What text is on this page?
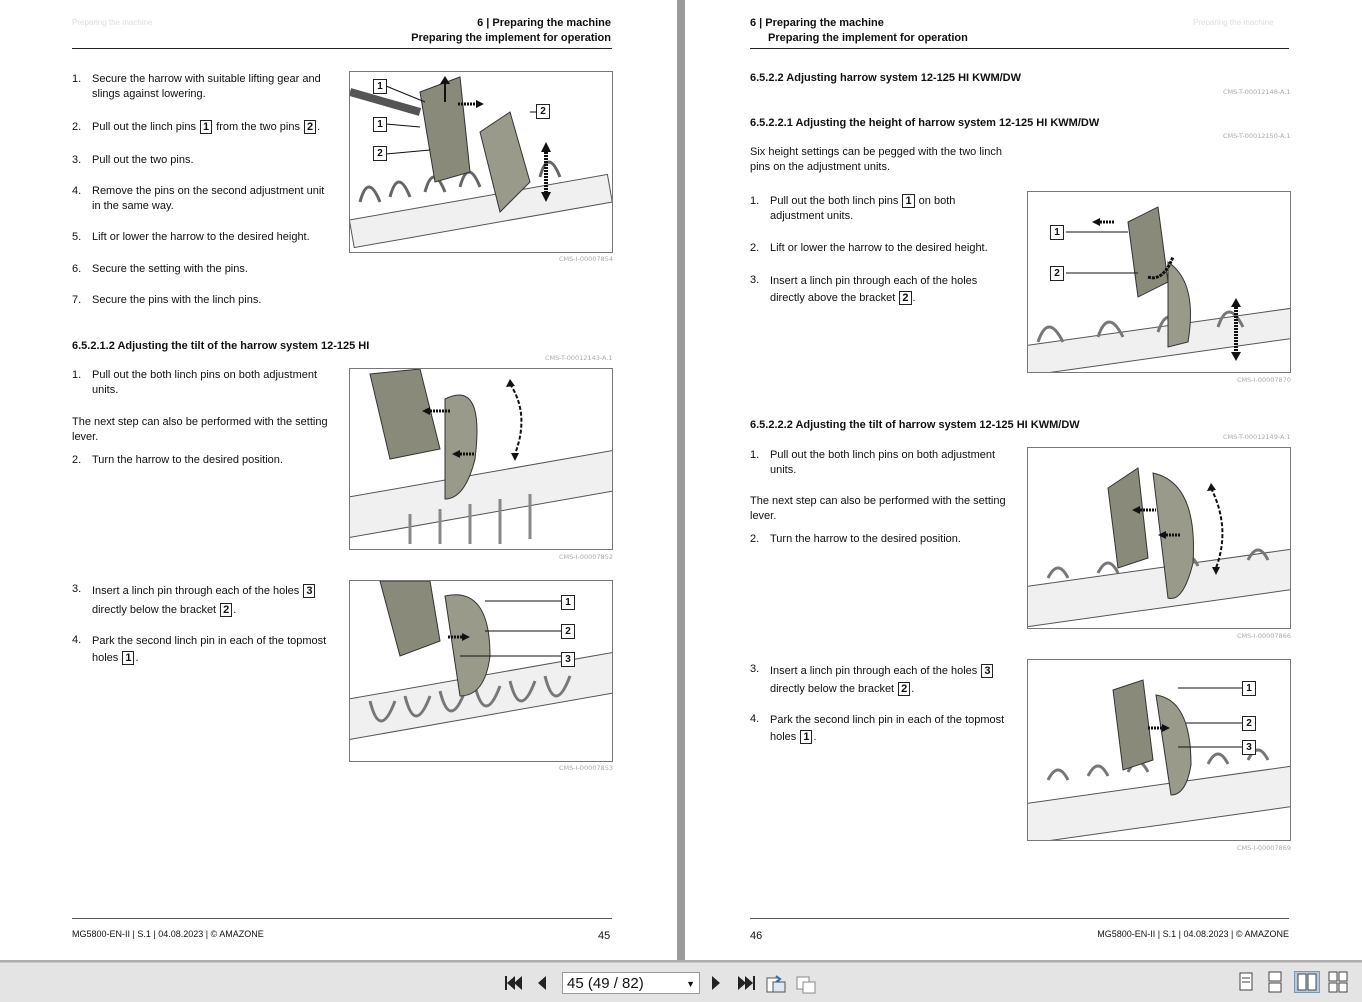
Preparing the machine	6 | Preparing the machine
Preparing the implement for operation
1. Secure the harrow with suitable lifting gear and slings against lowering.
2. Pull out the linch pins 1 from the two pins 2 .
3. Pull out the two pins.
4. Remove the pins on the second adjustment unit in the same way.
5. Lift or lower the harrow to the desired height.
6. Secure the setting with the pins.
7. Secure the pins with the linch pins.
1
1
2
2
CMS-I-00007854
6.5.2.1.2 Adjusting the tilt of the harrow system 12-125 HI
CMS-T-00012143-A.1
1. Pull out the both linch pins on both adjustment units.
The next step can also be performed with the setting lever.
2. Turn the harrow to the desired position.
CMS-I-00007852
3. Insert a linch pin through each of the holes 3 directly below the bracket 2 .
4. Park the second linch pin in each of the topmost holes 1 .
1
2
3
CMS-I-00007853
MG5800-EN-II | S.1 | 04.08.2023 | © AMAZONE	45
6 | Preparing the machine
Preparing the implement for operation
Preparing the machine
6.5.2.2 Adjusting harrow system 12-125 HI KWM/DW
CMS-T-00012148-A.1
6.5.2.2.1 Adjusting the height of harrow system 12-125 HI KWM/DW
CMS-T-00012150-A.1
Six height settings can be pegged with the two linch pins on the adjustment units.
1. Pull out the both linch pins 1 on both adjustment units.
2. Lift or lower the harrow to the desired height.
3. Insert a linch pin through each of the holes directly above the bracket 2 .
1
2
CMS-I-00007870
6.5.2.2.2 Adjusting the tilt of harrow system 12-125 HI KWM/DW
CMS-T-00012149-A.1
1. Pull out the both linch pins on both adjustment units.
The next step can also be performed with the setting lever.
2. Turn the harrow to the desired position.
CMS-I-00007866
3. Insert a linch pin through each of the holes 3 directly below the bracket 2 .
4. Park the second linch pin in each of the topmost holes 1 .
1
2
3
CMS-I-00007869
46	MG5800-EN-II | S.1 | 04.08.2023 | © AMAZONE
45 (49 / 82)	▼
